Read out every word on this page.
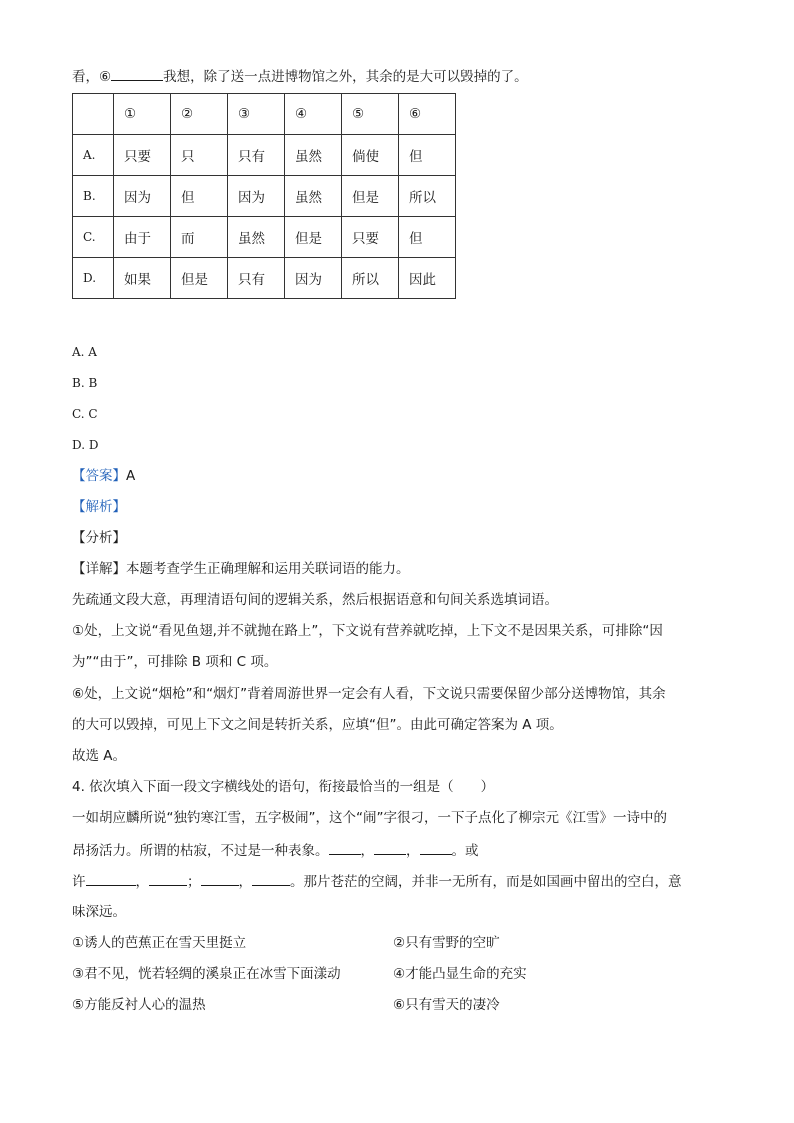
看，⑥	我想，除了送一点进博物馆之外，其余的是大可以毁掉的了。
	①	②	③	④	⑤	⑥
A.	只要	只	只有	虽然	倘使	但
B.	因为	但	因为	虽然	但是	所以
C.	由于	而	虽然	但是	只要	但
D.	如果	但是	只有	因为	所以	因此
A. A
B. B
C. C
D. D
【答案】A
【解析】
【分析】
【详解】本题考查学生正确理解和运用关联词语的能力。
先疏通文段大意，再理清语句间的逻辑关系，然后根据语意和句间关系选填词语。
①处，上文说“看见鱼翅,并不就抛在路上”，下文说有营养就吃掉，上下文不是因果关系，可排除“因
为”“由于”，可排除 B 项和 C 项。
⑥处，上文说“烟枪”和“烟灯”背着周游世界一定会有人看，下文说只需要保留少部分送博物馆，其余
的大可以毁掉，可见上下文之间是转折关系，应填“但”。由此可确定答案为 A 项。
故选 A。
4. 依次填入下面一段文字横线处的语句，衔接最恰当的一组是（　　）
一如胡应麟所说“独钓寒江雪，五字极闹”，这个“闹”字很刁，一下子点化了柳宗元《江雪》一诗中的
昂扬活力。所谓的枯寂，不过是一种表象。 ， ， 。或
许	，	；	，	。那片苍茫的空阔，并非一无所有，而是如国画中留出的空白，意
味深远。
①诱人的芭蕉正在雪天里挺立	②只有雪野的空旷
③君不见，恍若轻绸的溪泉正在冰雪下面漾动	④才能凸显生命的充实
⑤方能反衬人心的温热	⑥只有雪天的凄冷
